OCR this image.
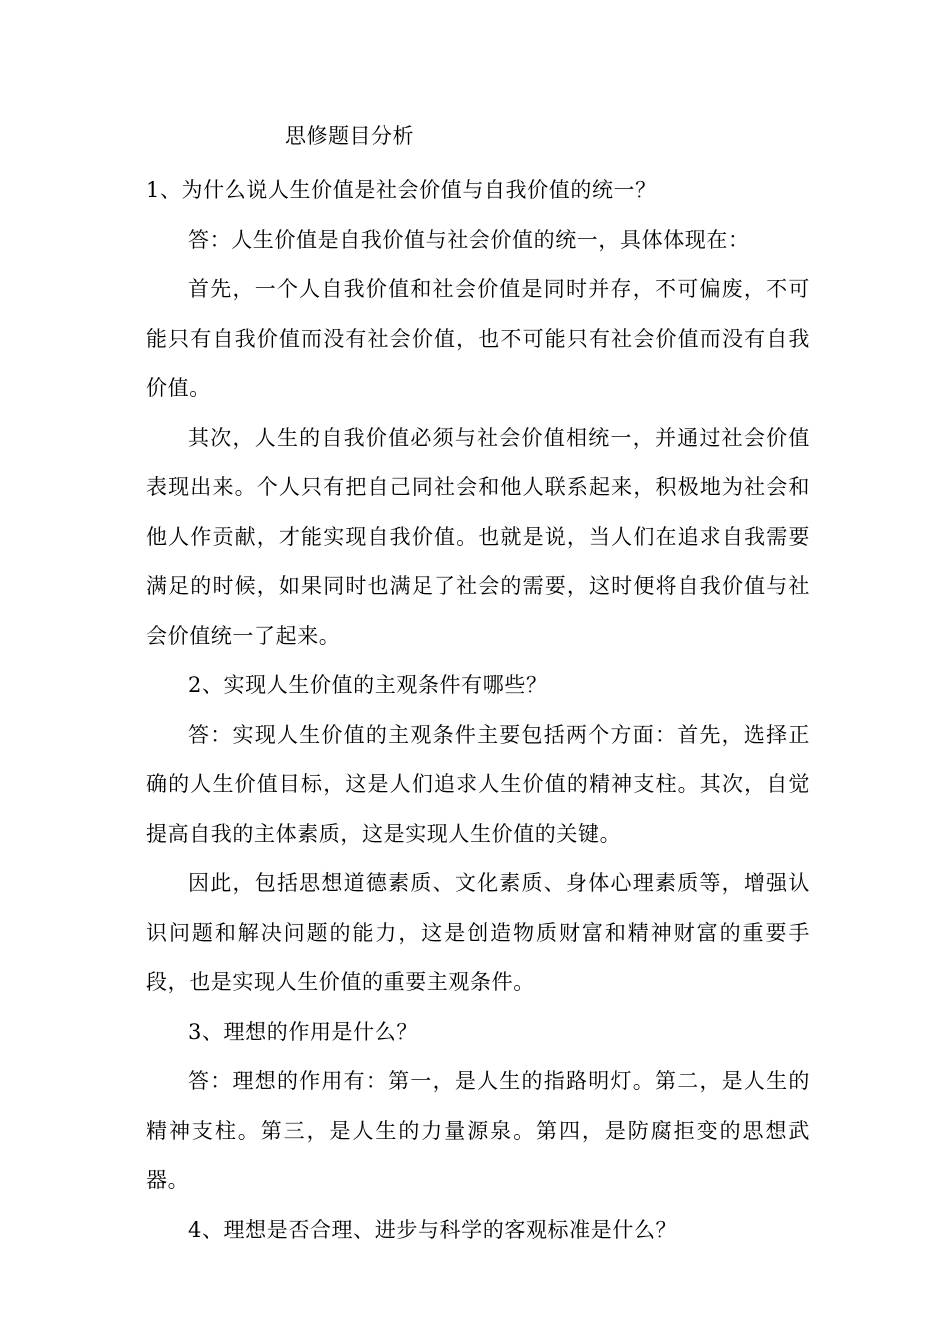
思修题目分析

1、为什么说人生价值是社会价值与自我价值的统一？

答：人生价值是自我价值与社会价值的统一，具体体现在：

首先，一个人自我价值和社会价值是同时并存，不可偏废，不可能只有自我价值而没有社会价值，也不可能只有社会价值而没有自我价值。

其次，人生的自我价值必须与社会价值相统一，并通过社会价值表现出来。个人只有把自己同社会和他人联系起来，积极地为社会和他人作贡献，才能实现自我价值。也就是说，当人们在追求自我需要满足的时候，如果同时也满足了社会的需要，这时便将自我价值与社会价值统一了起来。

2、实现人生价值的主观条件有哪些？

答：实现人生价值的主观条件主要包括两个方面：首先，选择正确的人生价值目标，这是人们追求人生价值的精神支柱。其次，自觉提高自我的主体素质，这是实现人生价值的关键。

因此，包括思想道德素质、文化素质、身体心理素质等，增强认识问题和解决问题的能力，这是创造物质财富和精神财富的重要手段，也是实现人生价值的重要主观条件。

3、理想的作用是什么？

答：理想的作用有：第一，是人生的指路明灯。第二，是人生的精神支柱。第三，是人生的力量源泉。第四，是防腐拒变的思想武器。

4、理想是否合理、进步与科学的客观标准是什么？
